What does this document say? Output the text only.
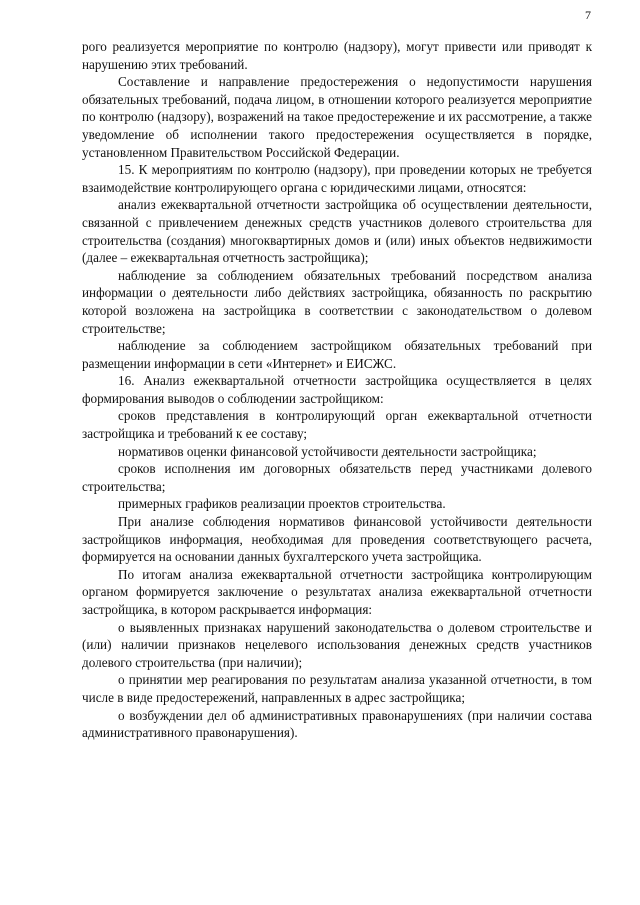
7

рого реализуется мероприятие по контролю (надзору), могут привести или приводят к нарушению этих требований.

Составление и направление предостережения о недопустимости нарушения обязательных требований, подача лицом, в отношении которого реализуется мероприятие по контролю (надзору), возражений на такое предостережение и их рассмотрение, а также уведомление об исполнении такого предостережения осуществляется в порядке, установленном Правительством Российской Федерации.

15. К мероприятиям по контролю (надзору), при проведении которых не требуется взаимодействие контролирующего органа с юридическими лицами, относятся:

анализ ежеквартальной отчетности застройщика об осуществлении деятельности, связанной с привлечением денежных средств участников долевого строительства для строительства (создания) многоквартирных домов и (или) иных объектов недвижимости (далее – ежеквартальная отчетность застройщика);

наблюдение за соблюдением обязательных требований посредством анализа информации о деятельности либо действиях застройщика, обязанность по раскрытию которой возложена на застройщика в соответствии с законодательством о долевом строительстве;

наблюдение за соблюдением застройщиком обязательных требований при размещении информации в сети «Интернет» и ЕИСЖС.

16. Анализ ежеквартальной отчетности застройщика осуществляется в целях формирования выводов о соблюдении застройщиком:

сроков представления в контролирующий орган ежеквартальной отчетности застройщика и требований к ее составу;

нормативов оценки финансовой устойчивости деятельности застройщика;

сроков исполнения им договорных обязательств перед участниками долевого строительства;

примерных графиков реализации проектов строительства.

При анализе соблюдения нормативов финансовой устойчивости деятельности застройщиков информация, необходимая для проведения соответствующего расчета, формируется на основании данных бухгалтерского учета застройщика.

По итогам анализа ежеквартальной отчетности застройщика контролирующим органом формируется заключение о результатах анализа ежеквартальной отчетности застройщика, в котором раскрывается информация:

о выявленных признаках нарушений законодательства о долевом строительстве и (или) наличии признаков нецелевого использования денежных средств участников долевого строительства (при наличии);

о принятии мер реагирования по результатам анализа указанной отчетности, в том числе в виде предостережений, направленных в адрес застройщика;

о возбуждении дел об административных правонарушениях (при наличии состава административного правонарушения).
